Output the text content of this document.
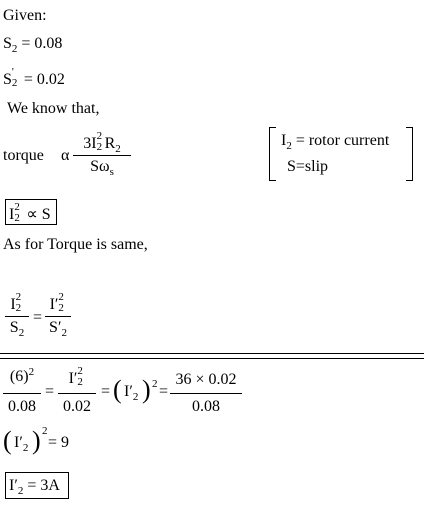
Given:
$S_2 = 0.08$
S '
2 = 0.02
We know that,
torque α
3I 2
2 $R_2$
$S\omega_s$
$I_2$ = rotor current
S=slip
I 2
2 ∝ S
As for Torque is same,
I 2
2
$S_2$
=
I′ 2
2
$S'_2$
$(6)^2$
0.08
=
I′ 2
2
0.02
= ( $I'_2$ ) 2 =
36 × 0.02
0.08
( $I'_2$ ) 2
= 9
$I'_2 = 3A$
